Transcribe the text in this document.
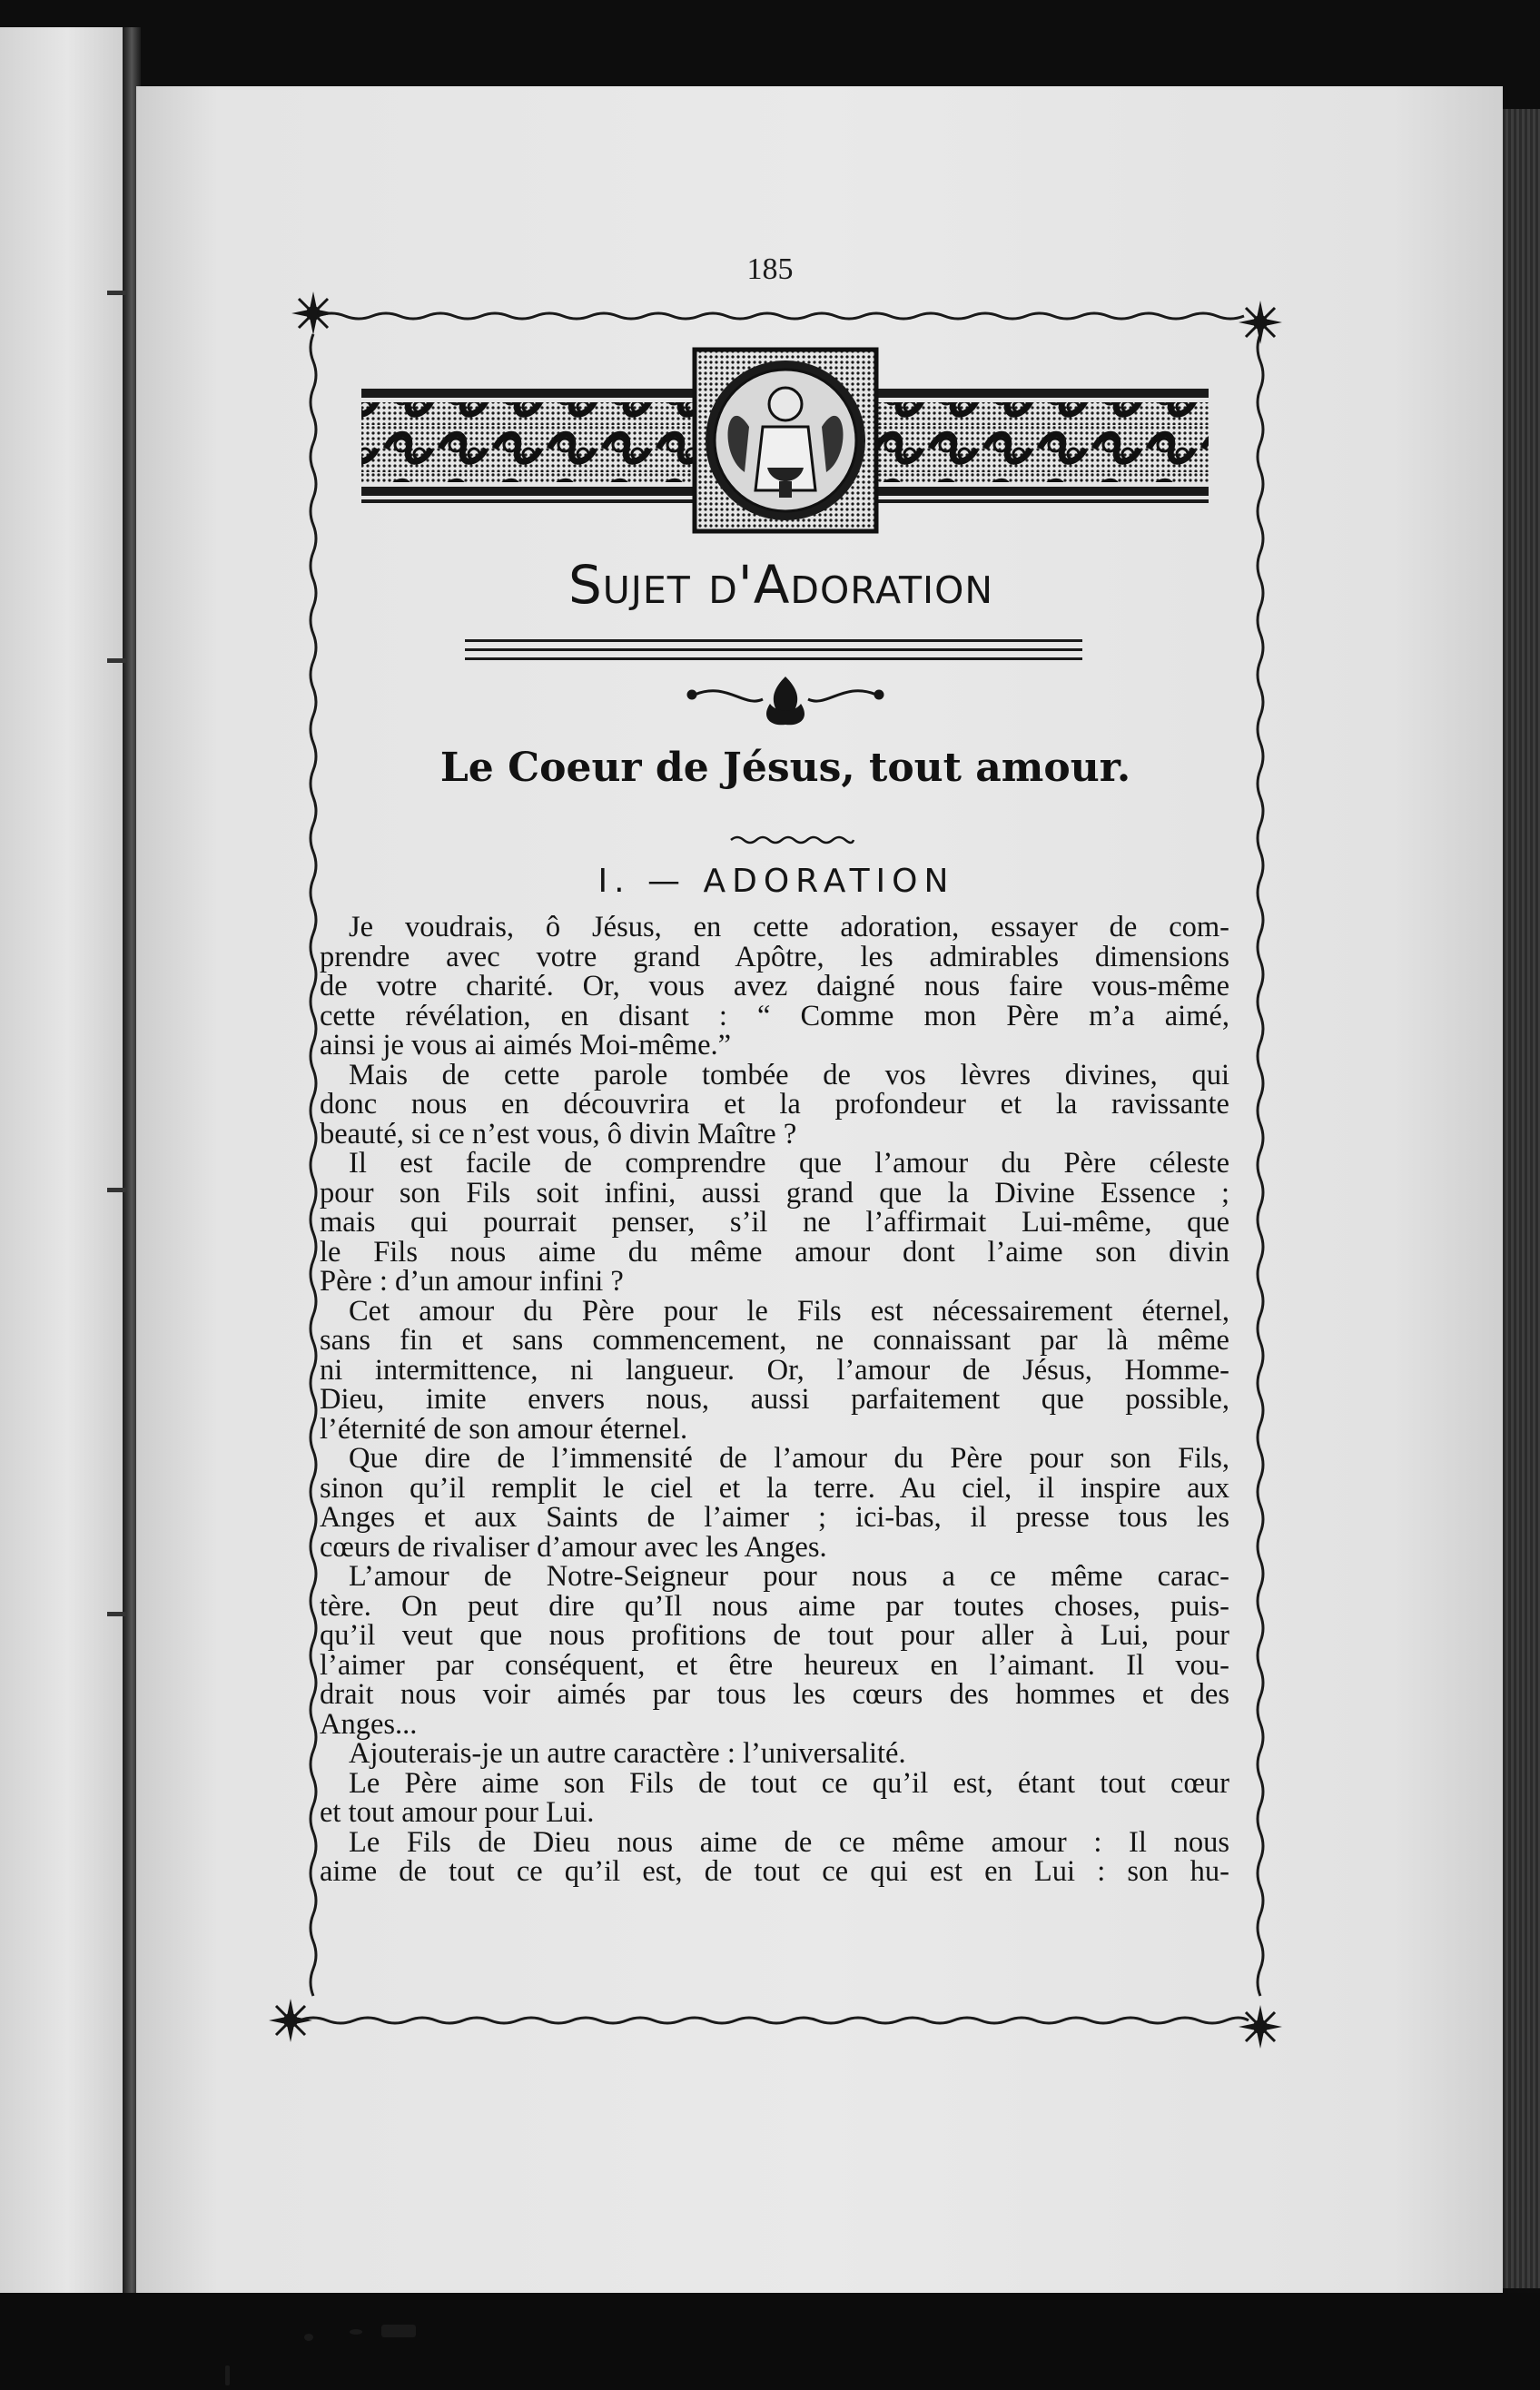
185
Sujet d'Adoration
Le Coeur de Jésus, tout amour.
I. — ADORATION
Je voudrais, ô Jésus, en cette adoration, essayer de com-
prendre avec votre grand Apôtre, les admirables dimensions
de votre charité. Or, vous avez daigné nous faire vous-même
cette révélation, en disant : “ Comme mon Père m’a aimé,
ainsi je vous ai aimés Moi-même.”
Mais de cette parole tombée de vos lèvres divines, qui
donc nous en découvrira et la profondeur et la ravissante
beauté, si ce n’est vous, ô divin Maître ?
Il est facile de comprendre que l’amour du Père céleste
pour son Fils soit infini, aussi grand que la Divine Essence ;
mais qui pourrait penser, s’il ne l’affirmait Lui-même, que
le Fils nous aime du même amour dont l’aime son divin
Père : d’un amour infini ?
Cet amour du Père pour le Fils est nécessairement éternel,
sans fin et sans commencement, ne connaissant par là même
ni intermittence, ni langueur. Or, l’amour de Jésus, Homme-
Dieu, imite envers nous, aussi parfaitement que possible,
l’éternité de son amour éternel.
Que dire de l’immensité de l’amour du Père pour son Fils,
sinon qu’il remplit le ciel et la terre. Au ciel, il inspire aux
Anges et aux Saints de l’aimer ; ici-bas, il presse tous les
cœurs de rivaliser d’amour avec les Anges.
L’amour de Notre-Seigneur pour nous a ce même carac-
tère. On peut dire qu’Il nous aime par toutes choses, puis-
qu’il veut que nous profitions de tout pour aller à Lui, pour
l’aimer par conséquent, et être heureux en l’aimant. Il vou-
drait nous voir aimés par tous les cœurs des hommes et des
Anges...
Ajouterais-je un autre caractère : l’universalité.
Le Père aime son Fils de tout ce qu’il est, étant tout cœur
et tout amour pour Lui.
Le Fils de Dieu nous aime de ce même amour : Il nous
aime de tout ce qu’il est, de tout ce qui est en Lui : son hu-
